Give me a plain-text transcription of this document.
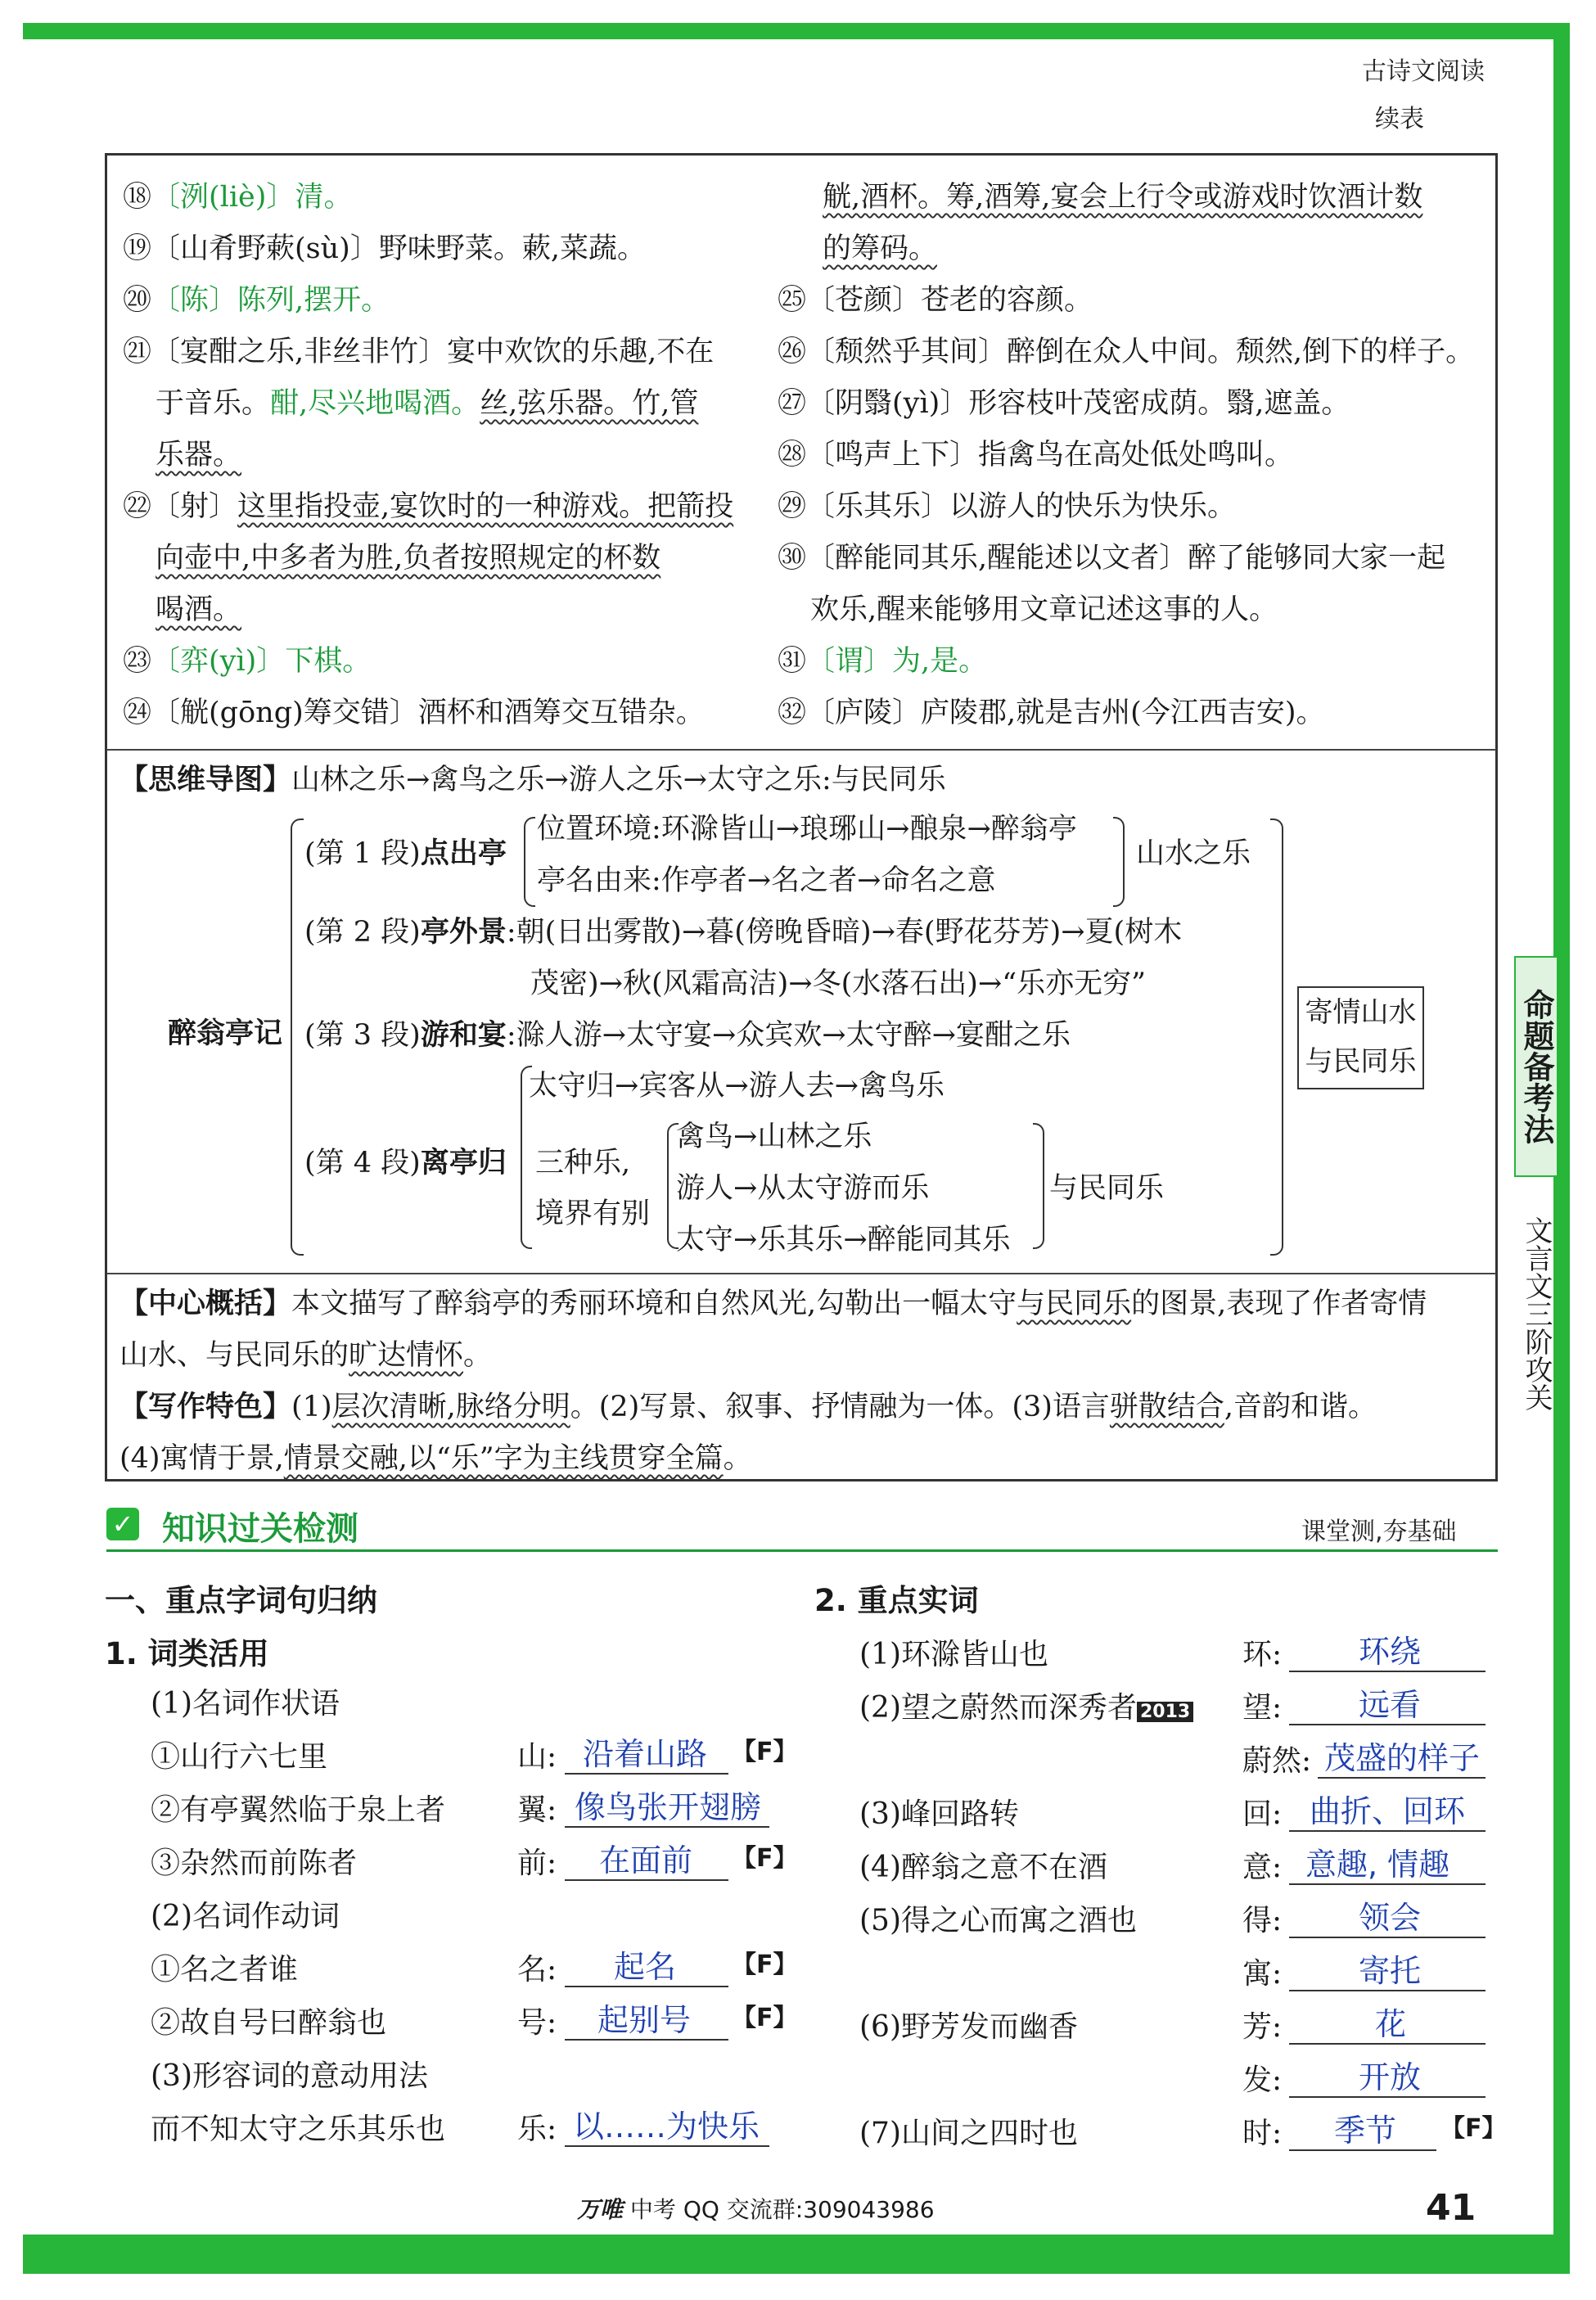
古诗文阅读
续表
⑱〔洌(liè)〕清。
⑲〔山肴野蔌(sù)〕野味野菜。蔌,菜蔬。
⑳〔陈〕陈列,摆开。
㉑〔宴酣之乐,非丝非竹〕宴中欢饮的乐趣,不在
于音乐。酣,尽兴地喝酒。丝,弦乐器。竹,管
乐器。
㉒〔射〕这里指投壶,宴饮时的一种游戏。把箭投
向壶中,中多者为胜,负者按照规定的杯数
喝酒。
㉓〔弈(yì)〕下棋。
㉔〔觥(gōng)筹交错〕酒杯和酒筹交互错杂。
觥,酒杯。筹,酒筹,宴会上行令或游戏时饮酒计数
的筹码。
㉕〔苍颜〕苍老的容颜。
㉖〔颓然乎其间〕醉倒在众人中间。颓然,倒下的样子。
㉗〔阴翳(yì)〕形容枝叶茂密成荫。翳,遮盖。
㉘〔鸣声上下〕指禽鸟在高处低处鸣叫。
㉙〔乐其乐〕以游人的快乐为快乐。
㉚〔醉能同其乐,醒能述以文者〕醉了能够同大家一起
欢乐,醒来能够用文章记述这事的人。
㉛〔谓〕为,是。
㉜〔庐陵〕庐陵郡,就是吉州(今江西吉安)。
【思维导图】山林之乐→禽鸟之乐→游人之乐→太守之乐:与民同乐
醉翁亭记
(第 1 段)点出亭
位置环境:环滁皆山→琅琊山→酿泉→醉翁亭
亭名由来:作亭者→名之者→命名之意
山水之乐
(第 2 段)亭外景:朝(日出雾散)→暮(傍晚昏暗)→春(野花芬芳)→夏(树木
茂密)→秋(风霜高洁)→冬(水落石出)→“乐亦无穷”
(第 3 段)游和宴:滁人游→太守宴→众宾欢→太守醉→宴酣之乐
寄情山水
与民同乐
(第 4 段)离亭归
太守归→宾客从→游人去→禽鸟乐
三种乐,
境界有别
禽鸟→山林之乐
游人→从太守游而乐
太守→乐其乐→醉能同其乐
与民同乐
【中心概括】本文描写了醉翁亭的秀丽环境和自然风光,勾勒出一幅太守与民同乐的图景,表现了作者寄情
山水、与民同乐的旷达情怀。
【写作特色】(1)层次清晰,脉络分明。(2)写景、叙事、抒情融为一体。(3)语言骈散结合,音韵和谐。
(4)寓情于景,情景交融,以“乐”字为主线贯穿全篇。
命题备考法
文言文三阶攻关
✓ 知识过关检测	课堂测,夯基础
一、重点字词句归纳
1. 词类活用
(1)名词作状语
①山行六七里	山: 沿着山路 【F】
②有亭翼然临于泉上者 翼: 像鸟张开翅膀
③杂然而前陈者	前: 在面前 【F】
(2)名词作动词
①名之者谁	名: 起名 【F】
②故自号曰醉翁也	号: 起别号 【F】
(3)形容词的意动用法
而不知太守之乐其乐也 乐: 以……为快乐
2. 重点实词
(1)环滁皆山也	环: 环绕
(2)望之蔚然而深秀者 2013 望: 远看
蔚然: 茂盛的样子
(3)峰回路转	回: 曲折、回环
(4)醉翁之意不在酒	意: 意趣, 情趣
(5)得之心而寓之酒也	得: 领会
寓: 寄托
(6)野芳发而幽香	芳:	花
发: 开放
(7)山间之四时也	时: 季节 【F】
万唯 中考 QQ 交流群:309043986	41
